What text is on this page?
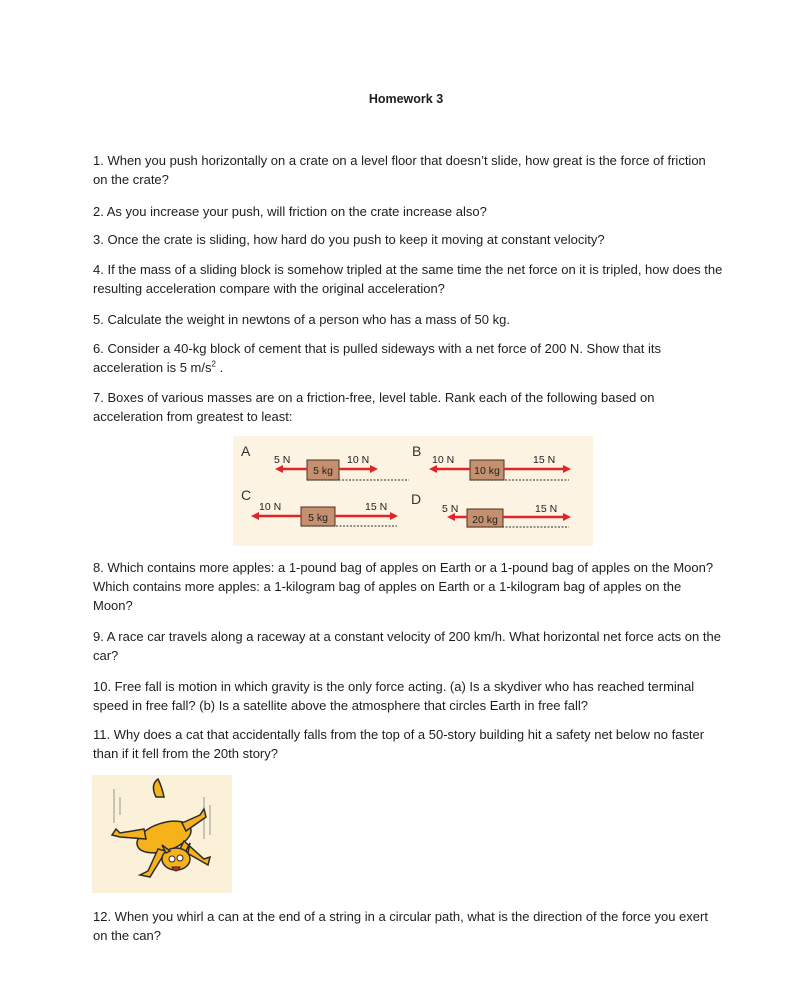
Homework 3

1. When you push horizontally on a crate on a level floor that doesn’t slide, how great is the force of friction on the crate?

2. As you increase your push, will friction on the crate increase also?

3. Once the crate is sliding, how hard do you push to keep it moving at constant velocity?

4. If the mass of a sliding block is somehow tripled at the same time the net force on it is tripled, how does the resulting acceleration compare with the original acceleration?

5. Calculate the weight in newtons of a person who has a mass of 50 kg.

6. Consider a 40-kg block of cement that is pulled sideways with a net force of 200 N. Show that its acceleration is 5 $m/s^2$ .

7. Boxes of various masses are on a friction-free, level table. Rank each of the following based on acceleration from greatest to least:

A
5 kg
5 N	10 N
B
10 kg
10 N	15 N
C
5 kg
10 N	15 N D
20 kg
5 N	15 N

8. Which contains more apples: a 1-pound bag of apples on Earth or a 1-pound bag of apples on the Moon? Which contains more apples: a 1-kilogram bag of apples on Earth or a 1-kilogram bag of apples on the Moon?

9. A race car travels along a raceway at a constant velocity of 200 km/h. What horizontal net force acts on the car?

10. Free fall is motion in which gravity is the only force acting. (a) Is a skydiver who has reached terminal speed in free fall? (b) Is a satellite above the atmosphere that circles Earth in free fall?

11. Why does a cat that accidentally falls from the top of a 50-story building hit a safety net below no faster than if it fell from the 20th story?

12. When you whirl a can at the end of a string in a circular path, what is the direction of the force you exert on the can?
